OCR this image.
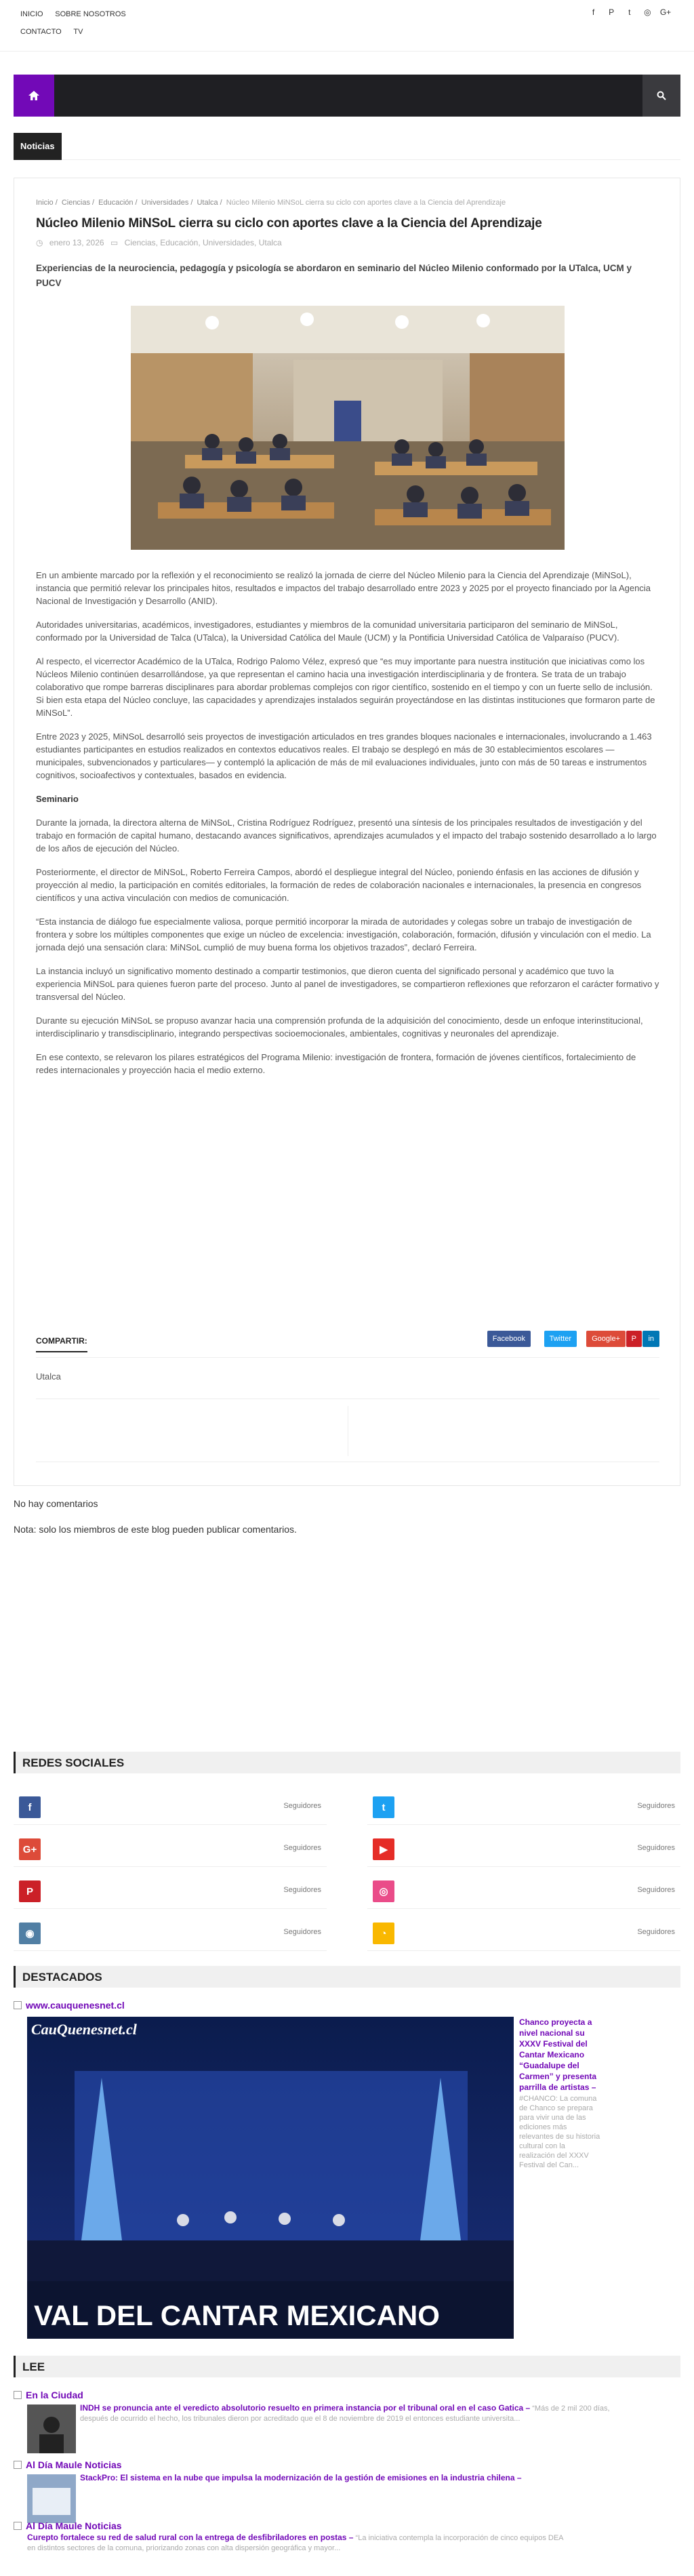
INICIO SOBRE NOSOTROS
CONTACTO TV
f P t ◎ G+
Noticias
Inicio / Ciencias / Educación / Universidades / Utalca / Núcleo Milenio MiNSoL cierra su ciclo con aportes clave a la Ciencia del Aprendizaje
Núcleo Milenio MiNSoL cierra su ciclo con aportes clave a la Ciencia del Aprendizaje
◷ enero 13, 2026 ▭ Ciencias, Educación, Universidades, Utalca

Experiencias de la neurociencia, pedagogía y psicología se abordaron en seminario del Núcleo Milenio conformado por la UTalca, UCM y PUCV

En un ambiente marcado por la reflexión y el reconocimiento se realizó la jornada de cierre del Núcleo Milenio para la Ciencia del Aprendizaje (MiNSoL), instancia que permitió relevar los principales hitos, resultados e impactos del trabajo desarrollado entre 2023 y 2025 por el proyecto financiado por la Agencia Nacional de Investigación y Desarrollo (ANID).

Autoridades universitarias, académicos, investigadores, estudiantes y miembros de la comunidad universitaria participaron del seminario de MiNSoL, conformado por la Universidad de Talca (UTalca), la Universidad Católica del Maule (UCM) y la Pontificia Universidad Católica de Valparaíso (PUCV).

Al respecto, el vicerrector Académico de la UTalca, Rodrigo Palomo Vélez, expresó que “es muy importante para nuestra institución que iniciativas como los Núcleos Milenio continúen desarrollándose, ya que representan el camino hacia una investigación interdisciplinaria y de frontera. Se trata de un trabajo colaborativo que rompe barreras disciplinares para abordar problemas complejos con rigor científico, sostenido en el tiempo y con un fuerte sello de inclusión. Si bien esta etapa del Núcleo concluye, las capacidades y aprendizajes instalados seguirán proyectándose en las distintas instituciones que formaron parte de MiNSoL”.

Entre 2023 y 2025, MiNSoL desarrolló seis proyectos de investigación articulados en tres grandes bloques nacionales e internacionales, involucrando a 1.463 estudiantes participantes en estudios realizados en contextos educativos reales. El trabajo se desplegó en más de 30 establecimientos escolares —municipales, subvencionados y particulares— y contempló la aplicación de más de mil evaluaciones individuales, junto con más de 50 tareas e instrumentos cognitivos, socioafectivos y contextuales, basados en evidencia.

Seminario

Durante la jornada, la directora alterna de MiNSoL, Cristina Rodríguez Rodríguez, presentó una síntesis de los principales resultados de investigación y del trabajo en formación de capital humano, destacando avances significativos, aprendizajes acumulados y el impacto del trabajo sostenido desarrollado a lo largo de los años de ejecución del Núcleo.

Posteriormente, el director de MiNSoL, Roberto Ferreira Campos, abordó el despliegue integral del Núcleo, poniendo énfasis en las acciones de difusión y proyección al medio, la participación en comités editoriales, la formación de redes de colaboración nacionales e internacionales, la presencia en congresos científicos y una activa vinculación con medios de comunicación.

“Esta instancia de diálogo fue especialmente valiosa, porque permitió incorporar la mirada de autoridades y colegas sobre un trabajo de investigación de frontera y sobre los múltiples componentes que exige un núcleo de excelencia: investigación, colaboración, formación, difusión y vinculación con el medio. La jornada dejó una sensación clara: MiNSoL cumplió de muy buena forma los objetivos trazados”, declaró Ferreira.

La instancia incluyó un significativo momento destinado a compartir testimonios, que dieron cuenta del significado personal y académico que tuvo la experiencia MiNSoL para quienes fueron parte del proceso. Junto al panel de investigadores, se compartieron reflexiones que reforzaron el carácter formativo y transversal del Núcleo.

Durante su ejecución MiNSoL se propuso avanzar hacia una comprensión profunda de la adquisición del conocimiento, desde un enfoque interinstitucional, interdisciplinario y transdisciplinario, integrando perspectivas socioemocionales, ambientales, cognitivas y neuronales del aprendizaje.

En ese contexto, se relevaron los pilares estratégicos del Programa Milenio: investigación de frontera, formación de jóvenes científicos, fortalecimiento de redes internacionales y proyección hacia el medio externo.

COMPARTIR:	Facebook	Twitter	Google+	P	in
Utalca
No hay comentarios
Nota: solo los miembros de este blog pueden publicar comentarios.
REDES SOCIALES
f	Seguidores	t	Seguidores
G+	Seguidores	▶	Seguidores
P	Seguidores	◎	Seguidores
◉	Seguidores	◔	Seguidores
DESTACADOS
www.cauquenesnet.cl
VAL DEL CANTAR MEXICANO
CauQuenesnet.cl	Chanco proyecta a nivel nacional su XXXV Festival del Cantar Mexicano “Guadalupe del Carmen” y presenta parrilla de artistas –
#CHANCO: La comuna de Chanco se prepara para vivir una de las ediciones más relevantes de su historia cultural con la realización del XXXV Festival del Can...
LEE
En la Ciudad
INDH se pronuncia ante el veredicto absolutorio resuelto en primera instancia por el tribunal oral en el caso Gatica – “Más de 2 mil 200 días, después de ocurrido el hecho, los tribunales dieron por acreditado que el 8 de noviembre de 2019 el entonces estudiante universita...
Al Día Maule Noticias
StackPro: El sistema en la nube que impulsa la modernización de la gestión de emisiones en la industria chilena –
Al Día Maule Noticias
Curepto fortalece su red de salud rural con la entrega de desfibriladores en postas – “La iniciativa contempla la incorporación de cinco equipos DEA en distintos sectores de la comuna, priorizando zonas con alta dispersión geográfica y mayor...
